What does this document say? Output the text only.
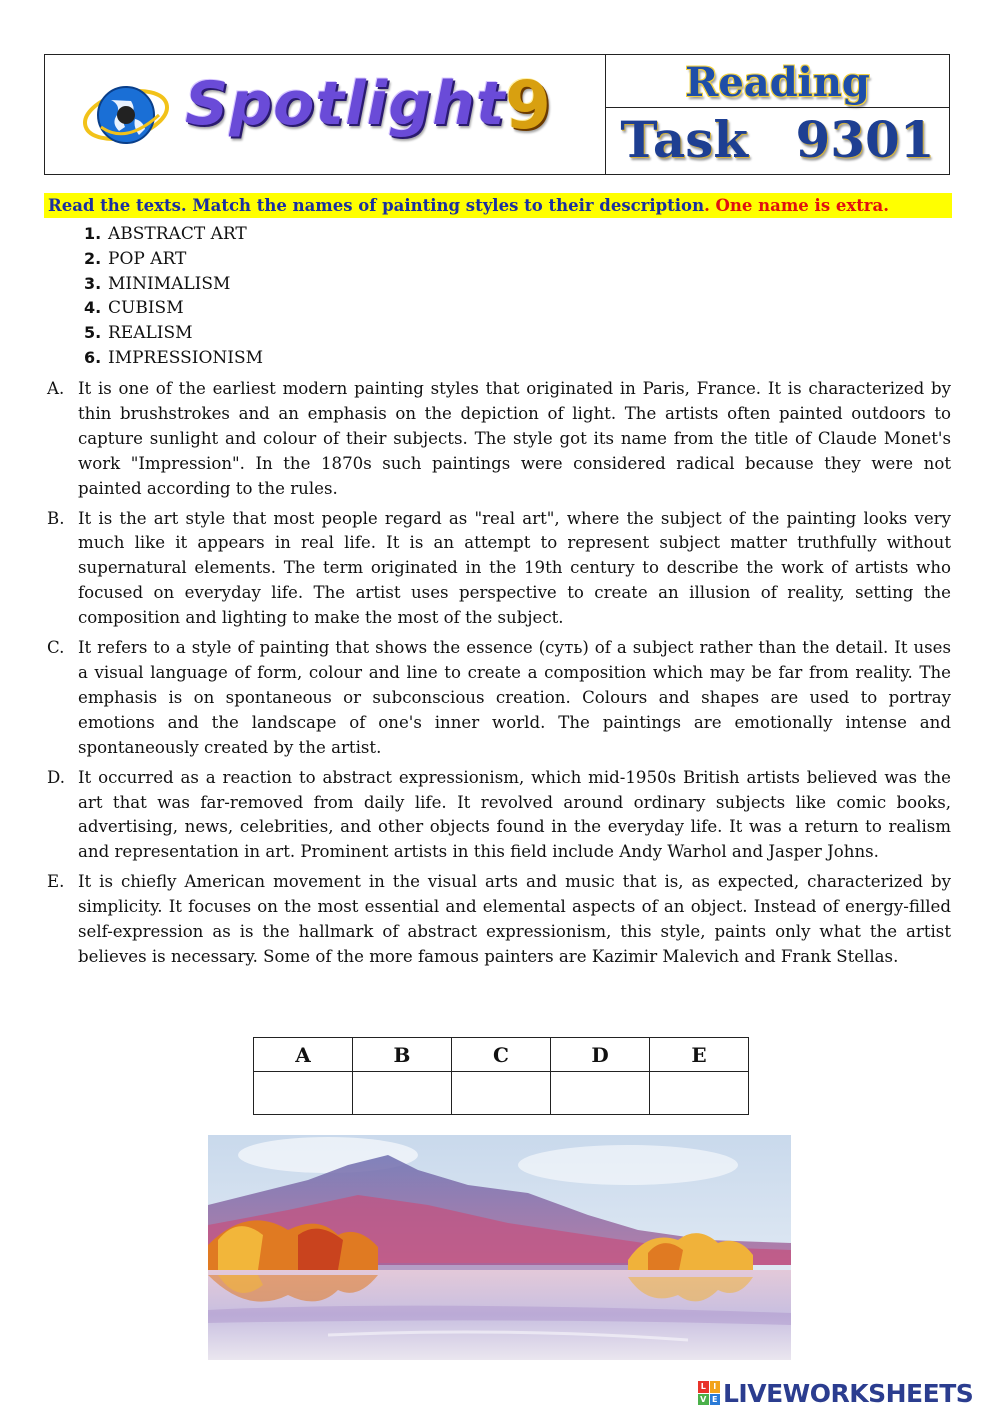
Spotlight 9	Reading
Task 9301
Read the texts. Match the names of painting styles to their description. One name is extra.
1. ABSTRACT ART
2. POP ART
3. MINIMALISM
4. CUBISM
5. REALISM
6. IMPRESSIONISM
A. It is one of the earliest modern painting styles that originated in Paris, France. It is characterized by thin brushstrokes and an emphasis on the depiction of light. The artists often painted outdoors to capture sunlight and colour of their subjects. The style got its name from the title of Claude Monet's work "Impression". In the 1870s such paintings were considered radical because they were not painted according to the rules.
B. It is the art style that most people regard as "real art", where the subject of the painting looks very much like it appears in real life. It is an attempt to represent subject matter truthfully without supernatural elements. The term originated in the 19th century to describe the work of artists who focused on everyday life. The artist uses perspective to create an illusion of reality, setting the composition and lighting to make the most of the subject.
C. It refers to a style of painting that shows the essence (суть) of a subject rather than the detail. It uses a visual language of form, colour and line to create a composition which may be far from reality. The emphasis is on spontaneous or subconscious creation. Colours and shapes are used to portray emotions and the landscape of one's inner world. The paintings are emotionally intense and spontaneously created by the artist.
D. It occurred as a reaction to abstract expressionism, which mid-1950s British artists believed was the art that was far-removed from daily life. It revolved around ordinary subjects like comic books, advertising, news, celebrities, and other objects found in the everyday life. It was a return to realism and representation in art. Prominent artists in this field include Andy Warhol and Jasper Johns.
E. It is chiefly American movement in the visual arts and music that is, as expected, characterized by simplicity. It focuses on the most essential and elemental aspects of an object. Instead of energy-filled self-expression as is the hallmark of abstract expressionism, this style, paints only what the artist believes is necessary. Some of the more famous painters are Kazimir Malevich and Frank Stellas.
A	B	C	D	E

L I
V E LIVEWORKSHEETS
